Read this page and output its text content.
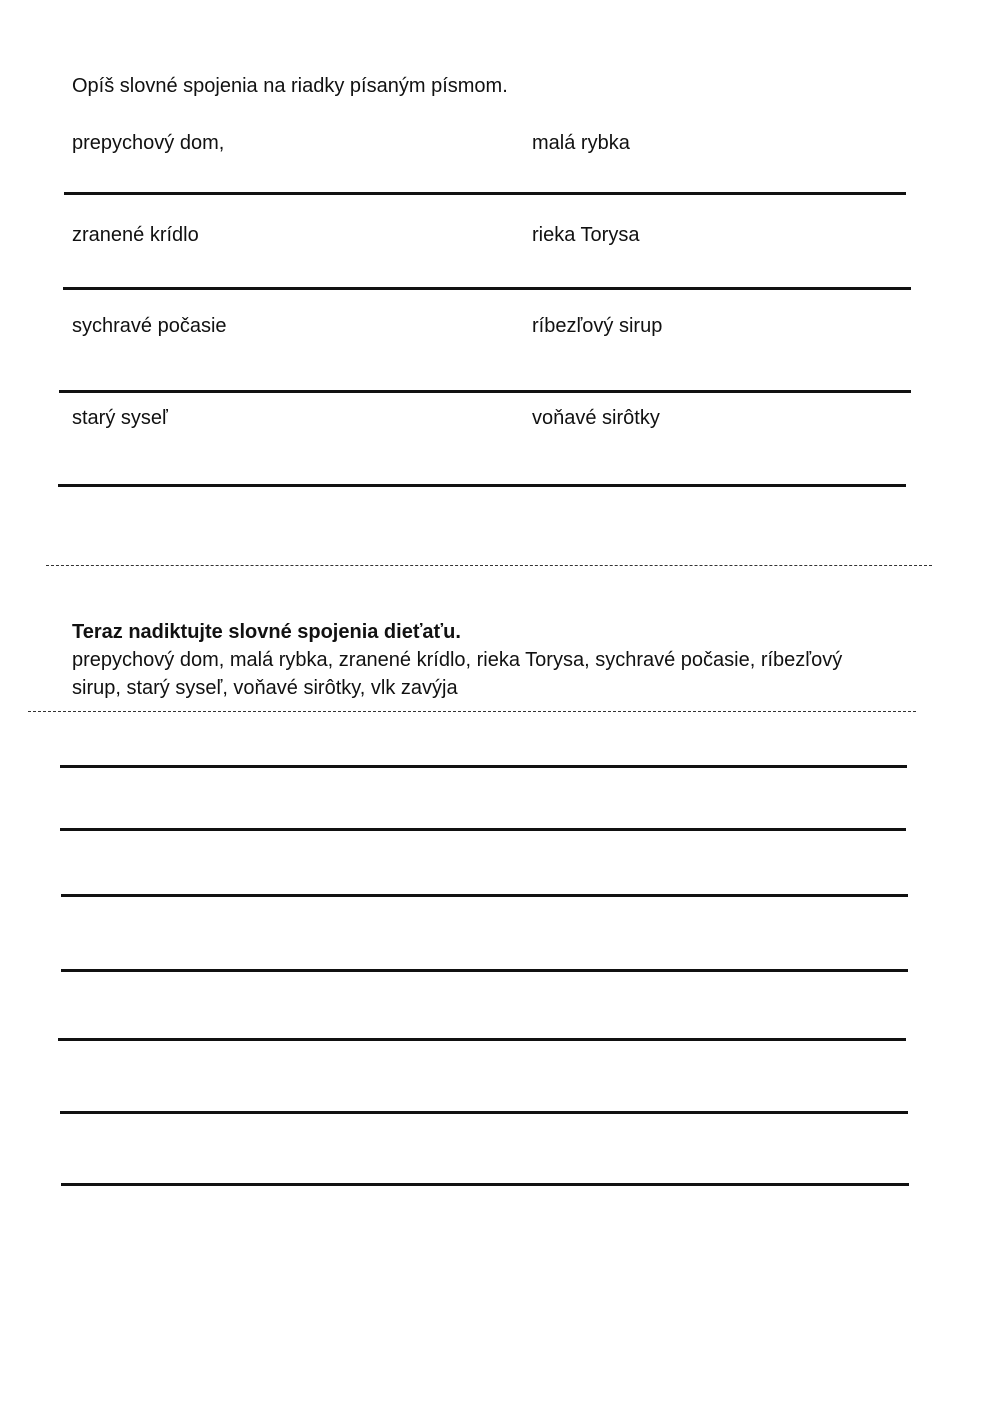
Opíš slovné spojenia na riadky písaným písmom.
prepychový dom,	malá rybka
zranené krídlo	rieka Torysa
sychravé počasie	ríbezľový sirup
starý syseľ	voňavé sirôtky
Teraz nadiktujte slovné spojenia dieťaťu.
prepychový dom, malá rybka, zranené krídlo, rieka Torysa, sychravé počasie, ríbezľový
sirup, starý syseľ, voňavé sirôtky, vlk zavýja
